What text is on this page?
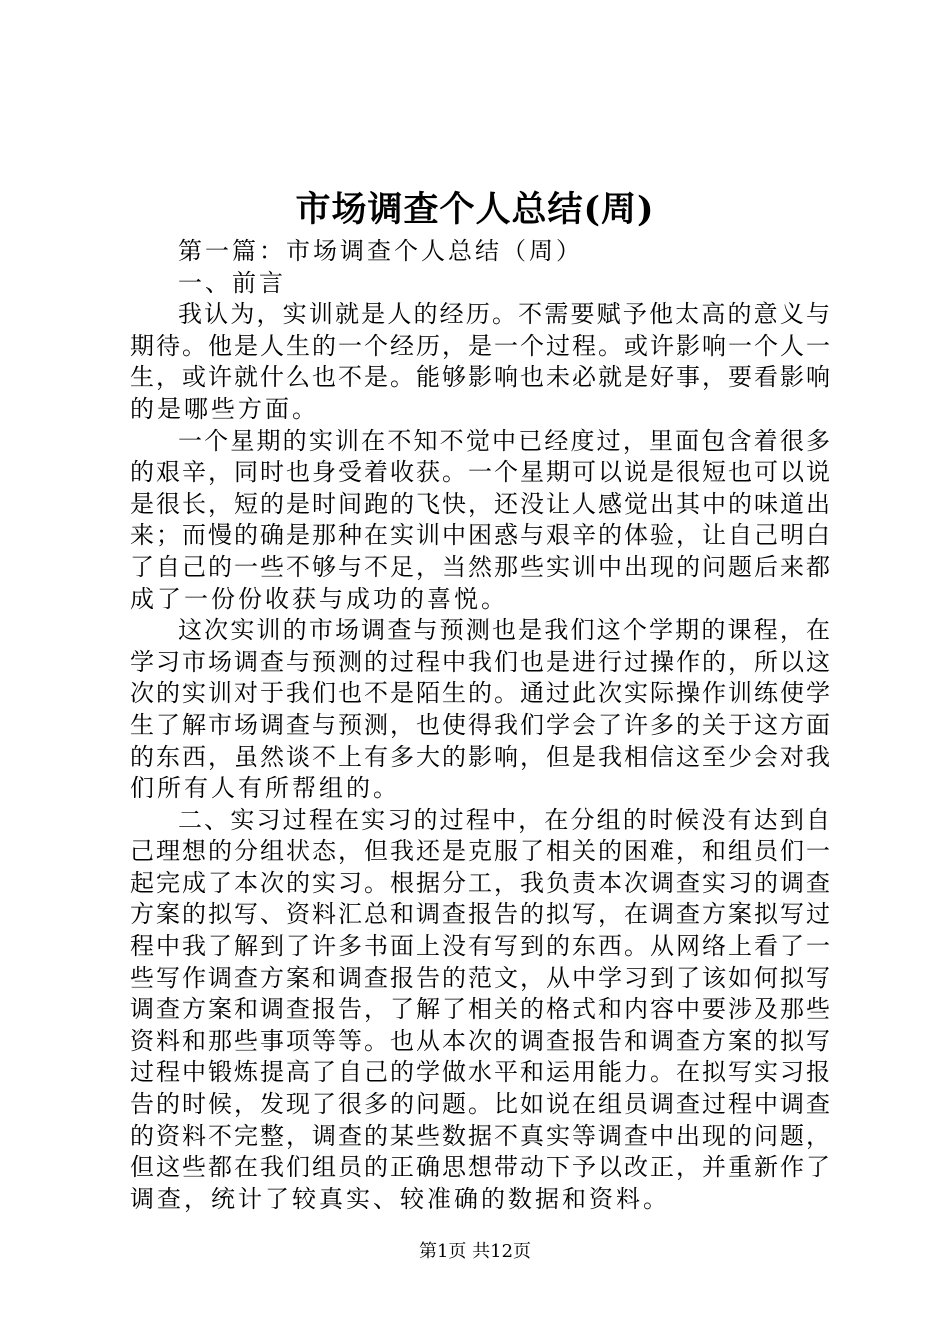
市场调查个人总结(周)
第一篇：市场调查个人总结（周）
一、前言
我认为，实训就是人的经历。不需要赋予他太高的意义与
期待。他是人生的一个经历，是一个过程。或许影响一个人一
生，或许就什么也不是。能够影响也未必就是好事，要看影响
的是哪些方面。
一个星期的实训在不知不觉中已经度过，里面包含着很多
的艰辛，同时也身受着收获。一个星期可以说是很短也可以说
是很长，短的是时间跑的飞快，还没让人感觉出其中的味道出
来；而慢的确是那种在实训中困惑与艰辛的体验，让自己明白
了自己的一些不够与不足，当然那些实训中出现的问题后来都
成了一份份收获与成功的喜悦。
这次实训的市场调查与预测也是我们这个学期的课程，在
学习市场调查与预测的过程中我们也是进行过操作的，所以这
次的实训对于我们也不是陌生的。通过此次实际操作训练使学
生了解市场调查与预测，也使得我们学会了许多的关于这方面
的东西，虽然谈不上有多大的影响，但是我相信这至少会对我
们所有人有所帮组的。
二、实习过程在实习的过程中，在分组的时候没有达到自
己理想的分组状态，但我还是克服了相关的困难，和组员们一
起完成了本次的实习。根据分工，我负责本次调查实习的调查
方案的拟写、资料汇总和调查报告的拟写，在调查方案拟写过
程中我了解到了许多书面上没有写到的东西。从网络上看了一
些写作调查方案和调查报告的范文，从中学习到了该如何拟写
调查方案和调查报告，了解了相关的格式和内容中要涉及那些
资料和那些事项等等。也从本次的调查报告和调查方案的拟写
过程中锻炼提高了自己的学做水平和运用能力。在拟写实习报
告的时候，发现了很多的问题。比如说在组员调查过程中调查
的资料不完整，调查的某些数据不真实等调查中出现的问题，
但这些都在我们组员的正确思想带动下予以改正，并重新作了
调查，统计了较真实、较准确的数据和资料。
第1页 共12页
